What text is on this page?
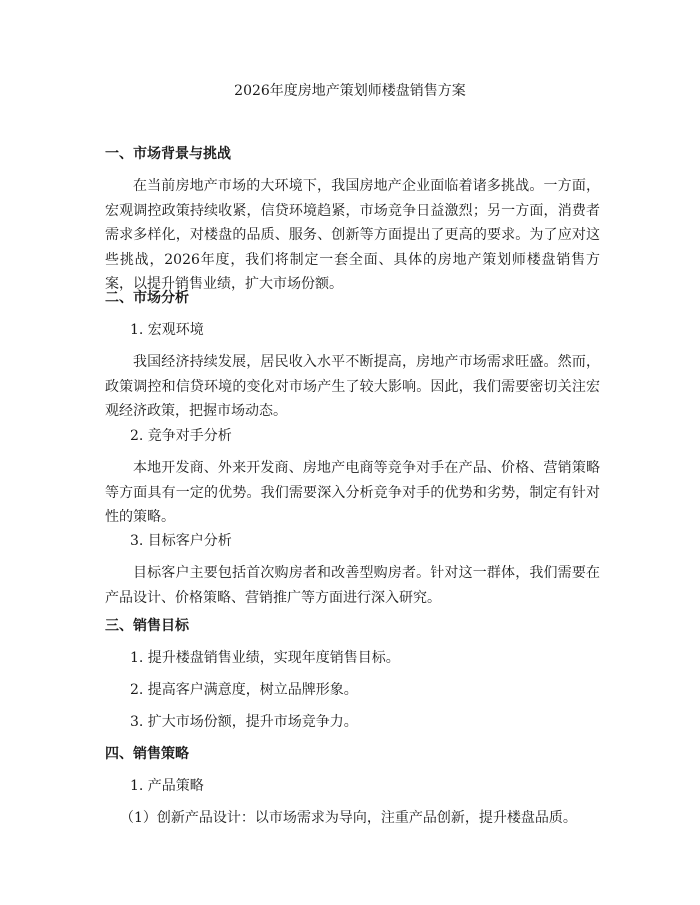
2026年度房地产策划师楼盘销售方案
一、市场背景与挑战
在当前房地产市场的大环境下，我国房地产企业面临着诸多挑战。一方面，宏观调控政策持续收紧，信贷环境趋紧，市场竞争日益激烈；另一方面，消费者需求多样化，对楼盘的品质、服务、创新等方面提出了更高的要求。为了应对这些挑战，2026年度，我们将制定一套全面、具体的房地产策划师楼盘销售方案，以提升销售业绩，扩大市场份额。
二、市场分析
1. 宏观环境
我国经济持续发展，居民收入水平不断提高，房地产市场需求旺盛。然而，政策调控和信贷环境的变化对市场产生了较大影响。因此，我们需要密切关注宏观经济政策，把握市场动态。
2. 竞争对手分析
本地开发商、外来开发商、房地产电商等竞争对手在产品、价格、营销策略等方面具有一定的优势。我们需要深入分析竞争对手的优势和劣势，制定有针对性的策略。
3. 目标客户分析
目标客户主要包括首次购房者和改善型购房者。针对这一群体，我们需要在产品设计、价格策略、营销推广等方面进行深入研究。
三、销售目标
1. 提升楼盘销售业绩，实现年度销售目标。
2. 提高客户满意度，树立品牌形象。
3. 扩大市场份额，提升市场竞争力。
四、销售策略
1. 产品策略
（1）创新产品设计：以市场需求为导向，注重产品创新，提升楼盘品质。
